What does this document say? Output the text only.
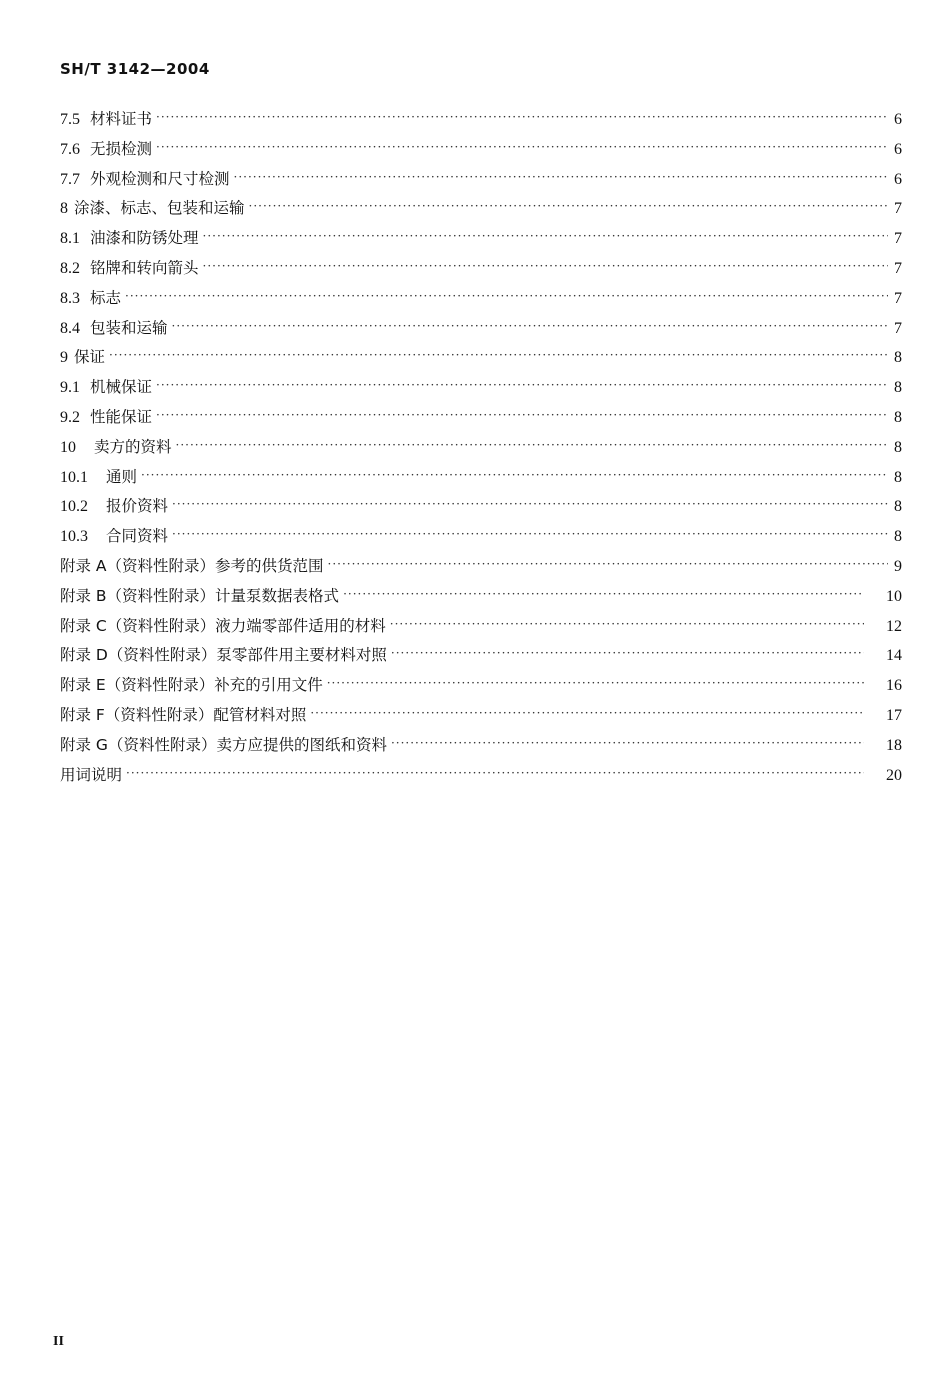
SH/T 3142—2004
7.5 材料证书 ·····	6
7.6 无损检测 ·····	6
7.7 外观检测和尺寸检测 ·····	6
8 涂漆、标志、包装和运输 ·····	7
8.1 油漆和防锈处理 ·····	7
8.2 铭牌和转向箭头 ·····	7
8.3 标志 ·····	7
8.4 包装和运输 ·····	7
9 保证 ·····	8
9.1 机械保证 ·····	8
9.2 性能保证 ·····	8
10 卖方的资料 ·····	8
10.1 通则 ·····	8
10.2 报价资料 ·····	8
10.3 合同资料 ·····	8
附录 A（资料性附录）参考的供货范围 ·····	9
附录 B（资料性附录）计量泵数据表格式 ·····	10
附录 C（资料性附录）液力端零部件适用的材料 ·····	12
附录 D（资料性附录）泵零部件用主要材料对照 ·····	14
附录 E（资料性附录）补充的引用文件 ·····	16
附录 F（资料性附录）配管材料对照 ·····	17
附录 G（资料性附录）卖方应提供的图纸和资料 ·····	18
用词说明 ·····	20
II
